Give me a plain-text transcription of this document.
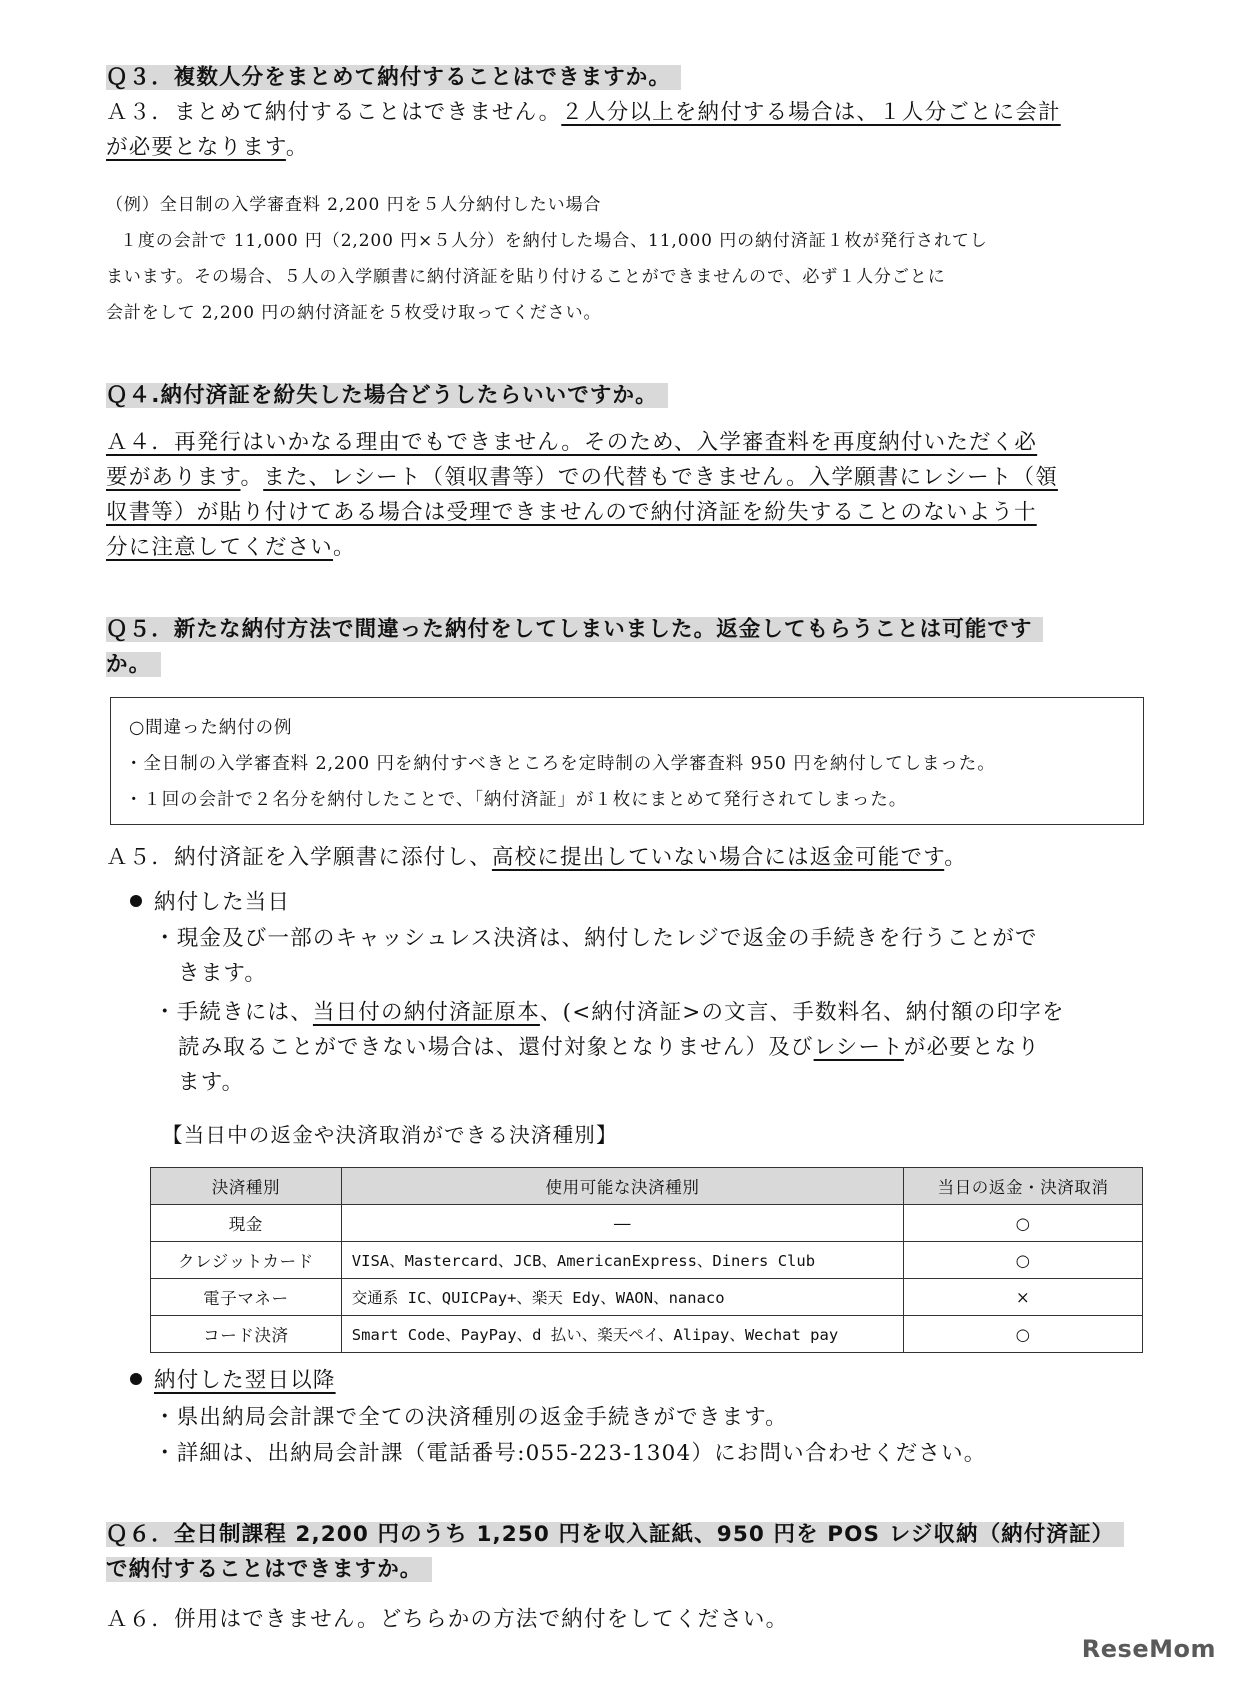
Ｑ３．複数人分をまとめて納付することはできますか。
Ａ３．まとめて納付することはできません。２人分以上を納付する場合は、１人分ごとに会計
が必要となります。
（例）全日制の入学審査料 2,200 円を５人分納付したい場合
１度の会計で 11,000 円（2,200 円×５人分）を納付した場合、11,000 円の納付済証１枚が発行されてし
まいます。その場合、５人の入学願書に納付済証を貼り付けることができませんので、必ず１人分ごとに
会計をして 2,200 円の納付済証を５枚受け取ってください。
Ｑ４.納付済証を紛失した場合どうしたらいいですか。
Ａ４．再発行はいかなる理由でもできません。そのため、入学審査料を再度納付いただく必
要があります。また、レシート（領収書等）での代替もできません。入学願書にレシート（領
収書等）が貼り付けてある場合は受理できませんので納付済証を紛失することのないよう十
分に注意してください。
Ｑ５．新たな納付方法で間違った納付をしてしまいました。返金してもらうことは可能です
か。
○間違った納付の例
・全日制の入学審査料 2,200 円を納付すべきところを定時制の入学審査料 950 円を納付してしまった。
・１回の会計で２名分を納付したことで、「納付済証」が１枚にまとめて発行されてしまった。
Ａ５．納付済証を入学願書に添付し、高校に提出していない場合には返金可能です。
納付した当日
・現金及び一部のキャッシュレス決済は、納付したレジで返金の手続きを行うことがで
きます。
・手続きには、当日付の納付済証原本、(<納付済証>の文言、手数料名、納付額の印字を
読み取ることができない場合は、還付対象となりません）及びレシートが必要となり
ます。
【当日中の返金や決済取消ができる決済種別】
決済種別	使用可能な決済種別	当日の返金・決済取消
現金	―	○
クレジットカード	VISA、Mastercard、JCB、AmericanExpress、Diners Club	○
電子マネー	交通系 IC、QUICPay+、楽天 Edy、WAON、nanaco	×
コード決済	Smart Code、PayPay、d 払い、楽天ペイ、Alipay、Wechat pay	○
納付した翌日以降
・県出納局会計課で全ての決済種別の返金手続きができます。
・詳細は、出納局会計課（電話番号:055-223-1304）にお問い合わせください。
Ｑ６．全日制課程 2,200 円のうち 1,250 円を収入証紙、950 円を POS レジ収納（納付済証）
で納付することはできますか。
Ａ６．併用はできません。どちらかの方法で納付をしてください。
ReseMom
